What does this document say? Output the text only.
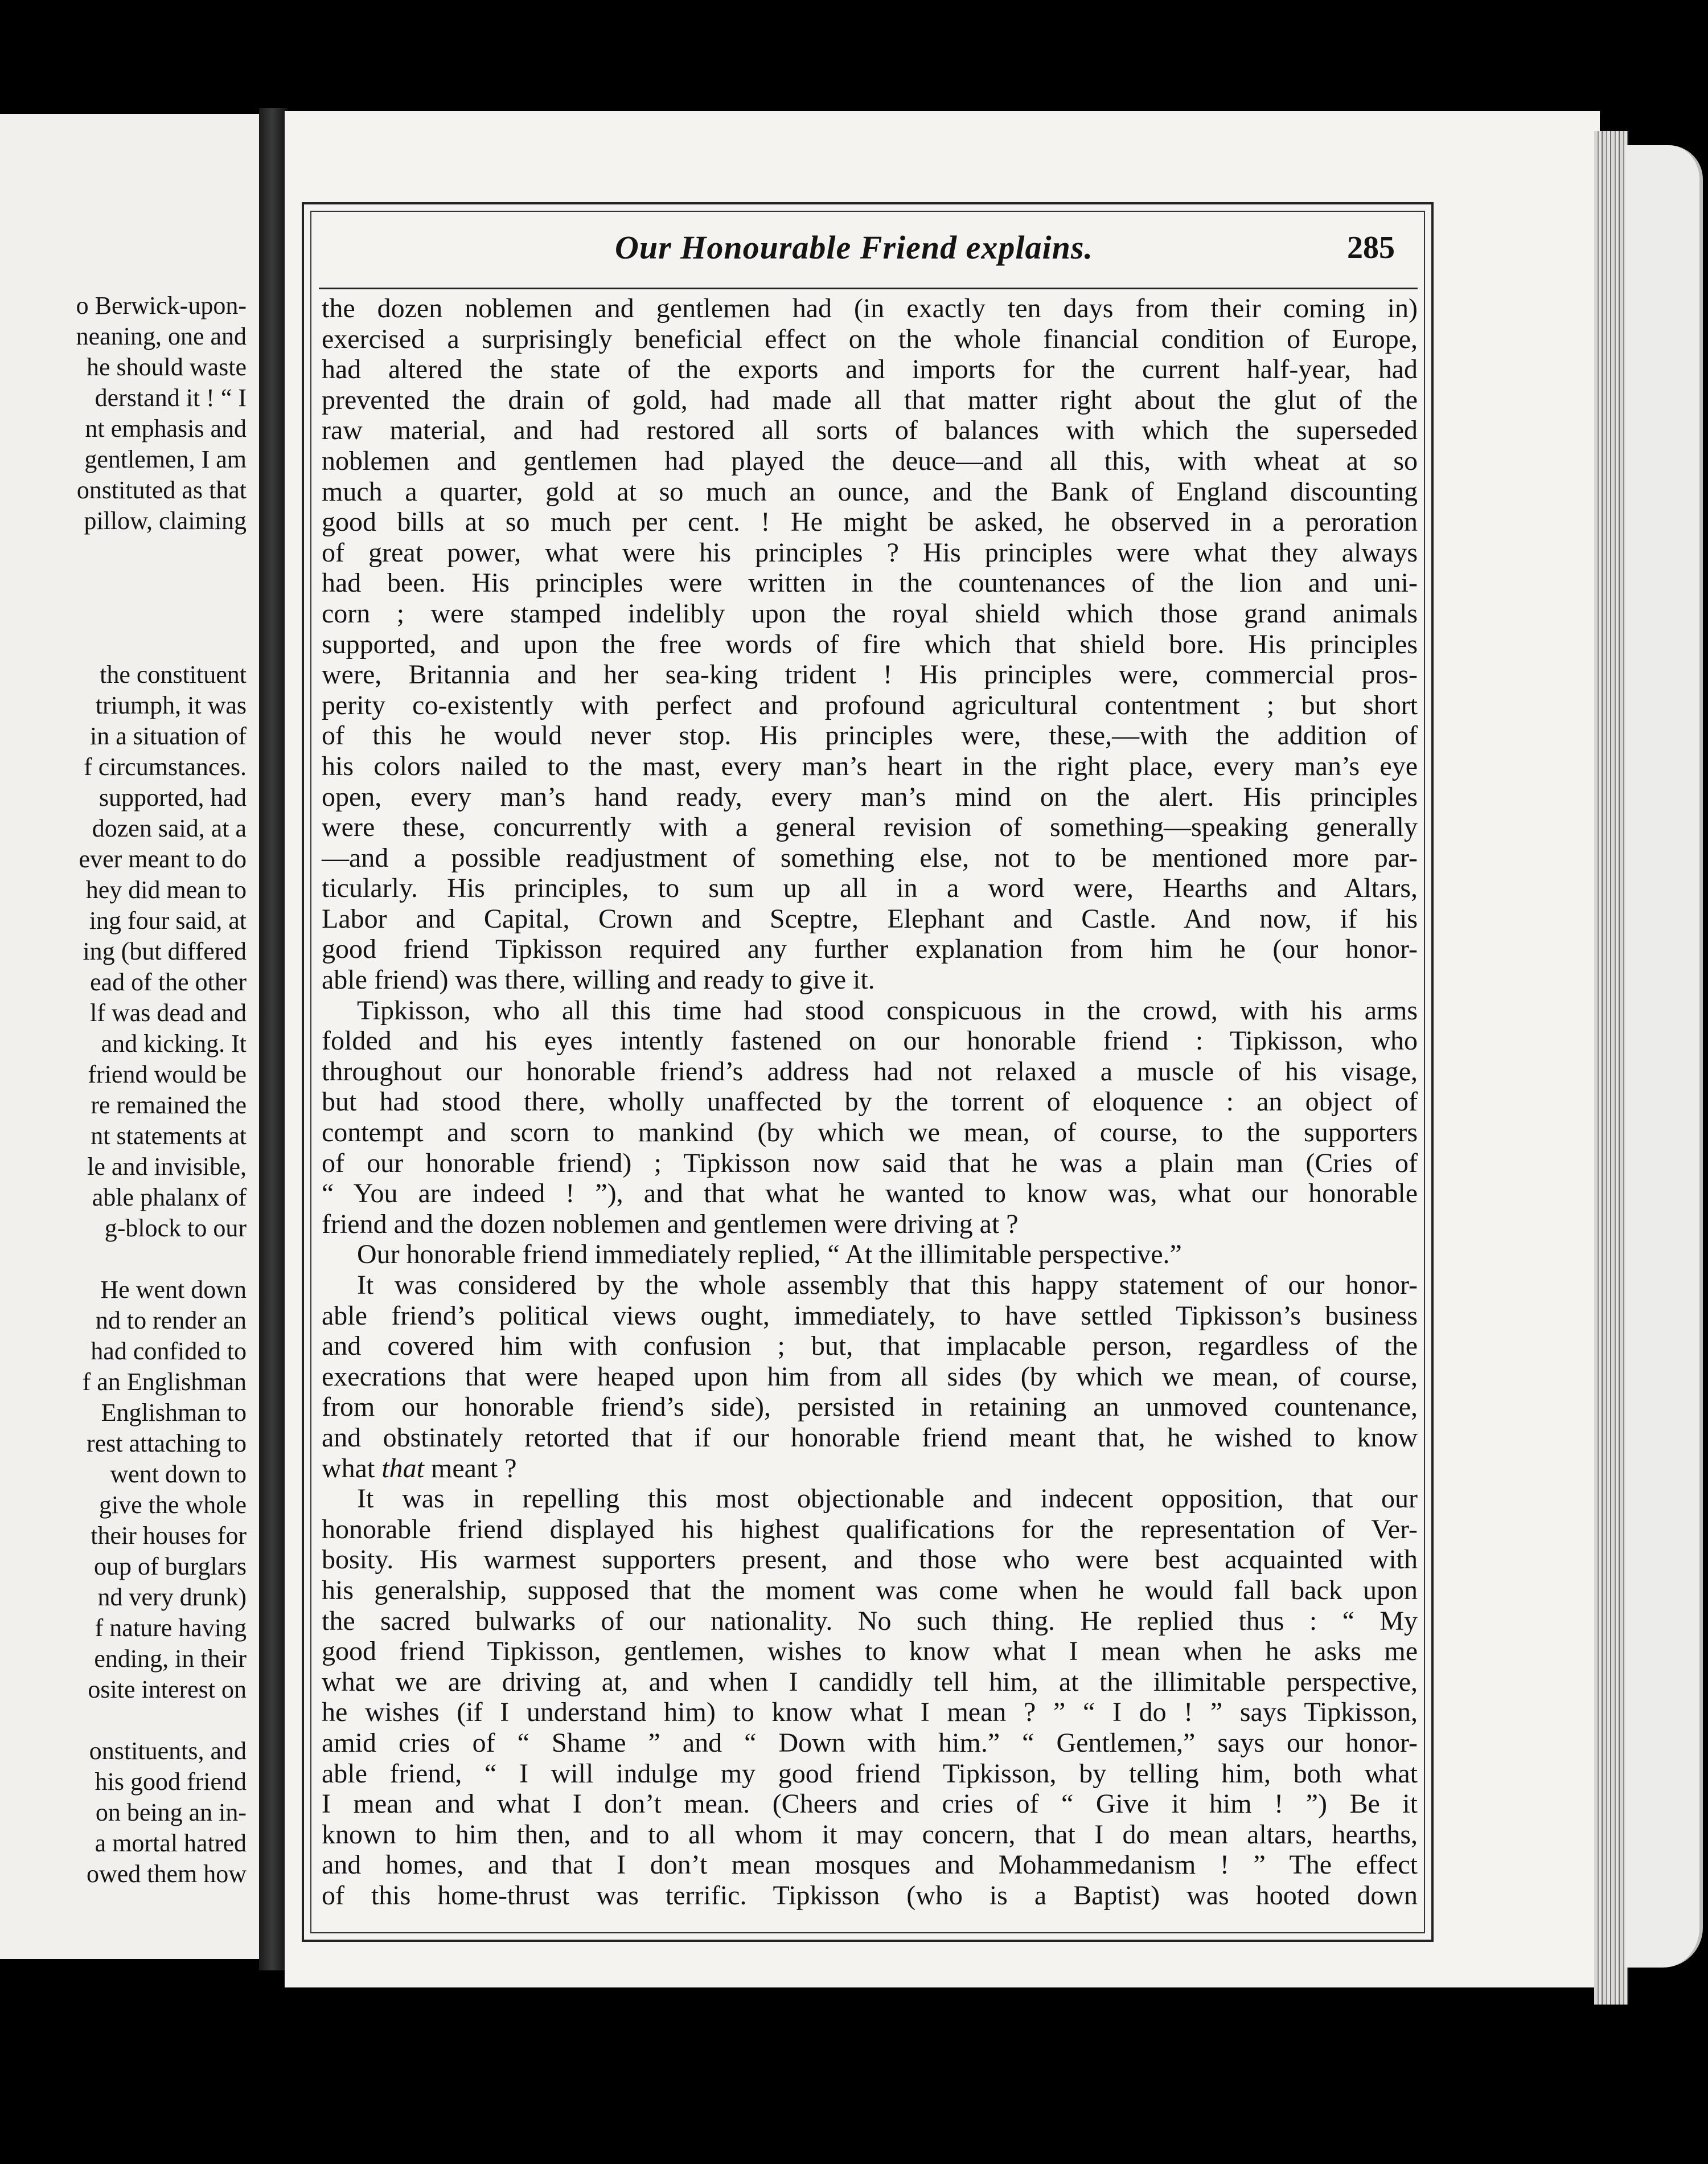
o Berwick-upon-
neaning, one and
he should waste
derstand it ! “ I
nt emphasis and
gentlemen, I am
onstituted as that
pillow, claiming
the constituent
triumph, it was
in a situation of
f circumstances.
supported, had
dozen said, at a
ever meant to do
hey did mean to
ing four said, at
ing (but differed
ead of the other
lf was dead and
and kicking. It
friend would be
re remained the
nt statements at
le and invisible,
able phalanx of
g-block to our
He went down
nd to render an
had confided to
f an Englishman
Englishman to
rest attaching to
went down to
give the whole
their houses for
oup of burglars
nd very drunk)
f nature having
ending, in their
osite interest on
onstituents, and
his good friend
on being an in-
a mortal hatred
owed them how
Our Honourable Friend explains.	285
the dozen noblemen and gentlemen had (in exactly ten days from their coming in)
exercised a surprisingly beneficial effect on the whole financial condition of Europe,
had altered the state of the exports and imports for the current half-year, had
prevented the drain of gold, had made all that matter right about the glut of the
raw material, and had restored all sorts of balances with which the superseded
noblemen and gentlemen had played the deuce—and all this, with wheat at so
much a quarter, gold at so much an ounce, and the Bank of England discounting
good bills at so much per cent. ! He might be asked, he observed in a peroration
of great power, what were his principles ? His principles were what they always
had been. His principles were written in the countenances of the lion and uni-
corn ; were stamped indelibly upon the royal shield which those grand animals
supported, and upon the free words of fire which that shield bore. His principles
were, Britannia and her sea-king trident ! His principles were, commercial pros-
perity co-existently with perfect and profound agricultural contentment ; but short
of this he would never stop. His principles were, these,—with the addition of
his colors nailed to the mast, every man’s heart in the right place, every man’s eye
open, every man’s hand ready, every man’s mind on the alert. His principles
were these, concurrently with a general revision of something—speaking generally
—and a possible readjustment of something else, not to be mentioned more par-
ticularly. His principles, to sum up all in a word were, Hearths and Altars,
Labor and Capital, Crown and Sceptre, Elephant and Castle. And now, if his
good friend Tipkisson required any further explanation from him he (our honor-
able friend) was there, willing and ready to give it.
Tipkisson, who all this time had stood conspicuous in the crowd, with his arms
folded and his eyes intently fastened on our honorable friend : Tipkisson, who
throughout our honorable friend’s address had not relaxed a muscle of his visage,
but had stood there, wholly unaffected by the torrent of eloquence : an object of
contempt and scorn to mankind (by which we mean, of course, to the supporters
of our honorable friend) ; Tipkisson now said that he was a plain man (Cries of
“ You are indeed ! ”), and that what he wanted to know was, what our honorable
friend and the dozen noblemen and gentlemen were driving at ?
Our honorable friend immediately replied, “ At the illimitable perspective.”
It was considered by the whole assembly that this happy statement of our honor-
able friend’s political views ought, immediately, to have settled Tipkisson’s business
and covered him with confusion ; but, that implacable person, regardless of the
execrations that were heaped upon him from all sides (by which we mean, of course,
from our honorable friend’s side), persisted in retaining an unmoved countenance,
and obstinately retorted that if our honorable friend meant that, he wished to know
what that meant ?
It was in repelling this most objectionable and indecent opposition, that our
honorable friend displayed his highest qualifications for the representation of Ver-
bosity. His warmest supporters present, and those who were best acquainted with
his generalship, supposed that the moment was come when he would fall back upon
the sacred bulwarks of our nationality. No such thing. He replied thus : “ My
good friend Tipkisson, gentlemen, wishes to know what I mean when he asks me
what we are driving at, and when I candidly tell him, at the illimitable perspective,
he wishes (if I understand him) to know what I mean ? ” “ I do ! ” says Tipkisson,
amid cries of “ Shame ” and “ Down with him.” “ Gentlemen,” says our honor-
able friend, “ I will indulge my good friend Tipkisson, by telling him, both what
I mean and what I don’t mean. (Cheers and cries of “ Give it him ! ”) Be it
known to him then, and to all whom it may concern, that I do mean altars, hearths,
and homes, and that I don’t mean mosques and Mohammedanism ! ” The effect
of this home-thrust was terrific. Tipkisson (who is a Baptist) was hooted down
